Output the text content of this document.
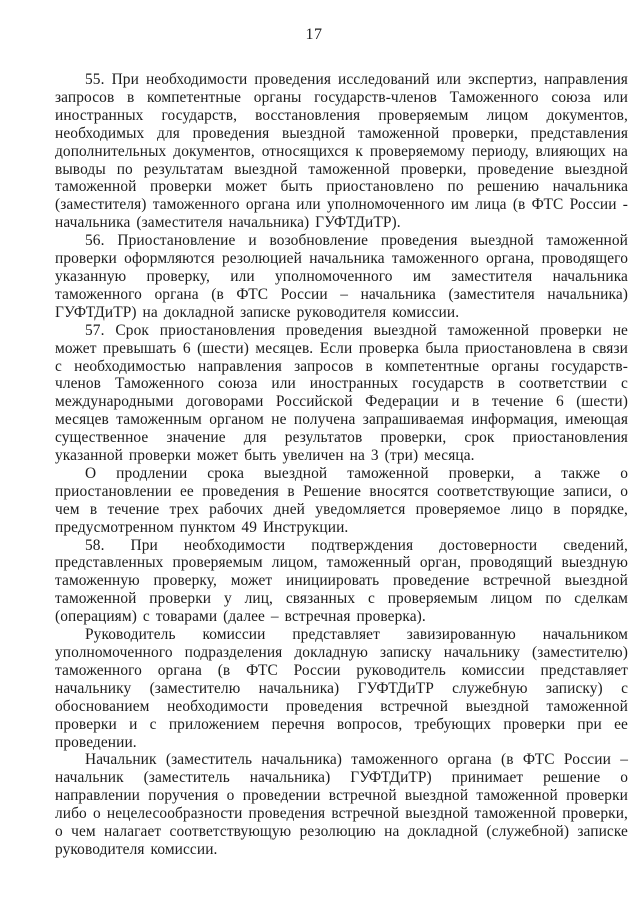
17

55. При необходимости проведения исследований или экспертиз, направления запросов в компетентные органы государств-членов Таможенного союза или иностранных государств, восстановления проверяемым лицом документов, необходимых для проведения выездной таможенной проверки, представления дополнительных документов, относящихся к проверяемому периоду, влияющих на выводы по результатам выездной таможенной проверки, проведение выездной таможенной проверки может быть приостановлено по решению начальника (заместителя) таможенного органа или уполномоченного им лица (в ФТС России - начальника (заместителя начальника) ГУФТДиТР).

56. Приостановление и возобновление проведения выездной таможенной проверки оформляются резолюцией начальника таможенного органа, проводящего указанную проверку, или уполномоченного им заместителя начальника таможенного органа (в ФТС России – начальника (заместителя начальника) ГУФТДиТР) на докладной записке руководителя комиссии.

57. Срок приостановления проведения выездной таможенной проверки не может превышать 6 (шести) месяцев. Если проверка была приостановлена в связи с необходимостью направления запросов в компетентные органы государств-членов Таможенного союза или иностранных государств в соответствии с международными договорами Российской Федерации и в течение 6 (шести) месяцев таможенным органом не получена запрашиваемая информация, имеющая существенное значение для результатов проверки, срок приостановления указанной проверки может быть увеличен на 3 (три) месяца.

О продлении срока выездной таможенной проверки, а также о приостановлении ее проведения в Решение вносятся соответствующие записи, о чем в течение трех рабочих дней уведомляется проверяемое лицо в порядке, предусмотренном пунктом 49 Инструкции.

58. При необходимости подтверждения достоверности сведений, представленных проверяемым лицом, таможенный орган, проводящий выездную таможенную проверку, может инициировать проведение встречной выездной таможенной проверки у лиц, связанных с проверяемым лицом по сделкам (операциям) с товарами (далее – встречная проверка).

Руководитель комиссии представляет завизированную начальником уполномоченного подразделения докладную записку начальнику (заместителю) таможенного органа (в ФТС России руководитель комиссии представляет начальнику (заместителю начальника) ГУФТДиТР служебную записку) с обоснованием необходимости проведения встречной выездной таможенной проверки и с приложением перечня вопросов, требующих проверки при ее проведении.

Начальник (заместитель начальника) таможенного органа (в ФТС России – начальник (заместитель начальника) ГУФТДиТР) принимает решение о направлении поручения о проведении встречной выездной таможенной проверки либо о нецелесообразности проведения встречной выездной таможенной проверки, о чем налагает соответствующую резолюцию на докладной (служебной) записке руководителя комиссии.
